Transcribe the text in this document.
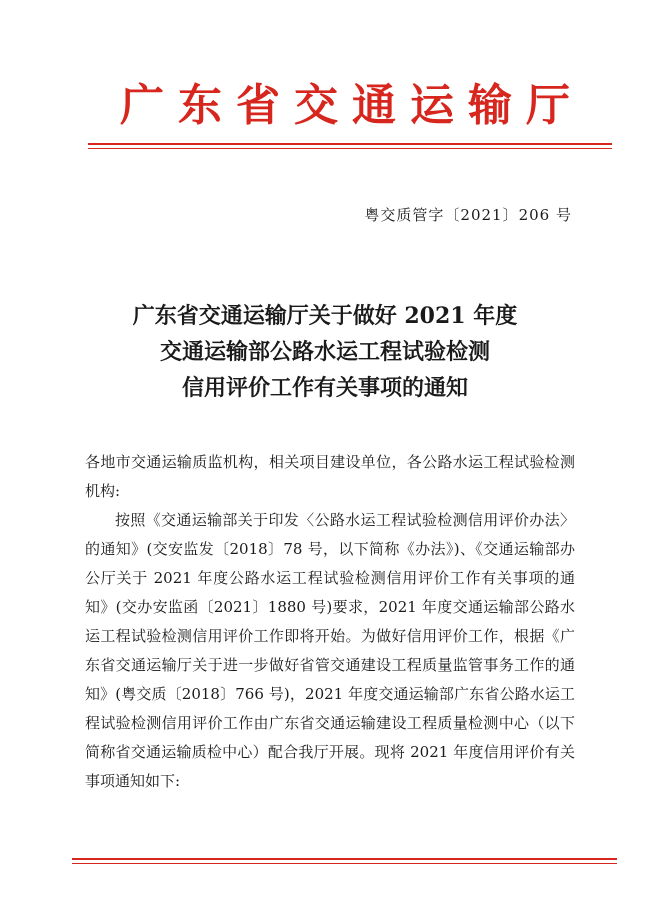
广东省交通运输厅
粤交质管字〔2021〕206 号
广东省交通运输厅关于做好 2021 年度
交通运输部公路水运工程试验检测
信用评价工作有关事项的通知

各地市交通运输质监机构，相关项目建设单位，各公路水运工程试验检测机构:

按照《交通运输部关于印发〈公路水运工程试验检测信用评价办法〉的通知》(交安监发〔2018〕78 号，以下简称《办法》)、《交通运输部办公厅关于 2021 年度公路水运工程试验检测信用评价工作有关事项的通知》(交办安监函〔2021〕1880 号)要求，2021 年度交通运输部公路水运工程试验检测信用评价工作即将开始。为做好信用评价工作，根据《广东省交通运输厅关于进一步做好省管交通建设工程质量监管事务工作的通知》(粤交质〔2018〕766 号)，2021 年度交通运输部广东省公路水运工程试验检测信用评价工作由广东省交通运输建设工程质量检测中心（以下简称省交通运输质检中心）配合我厅开展。现将 2021 年度信用评价有关事项通知如下:
